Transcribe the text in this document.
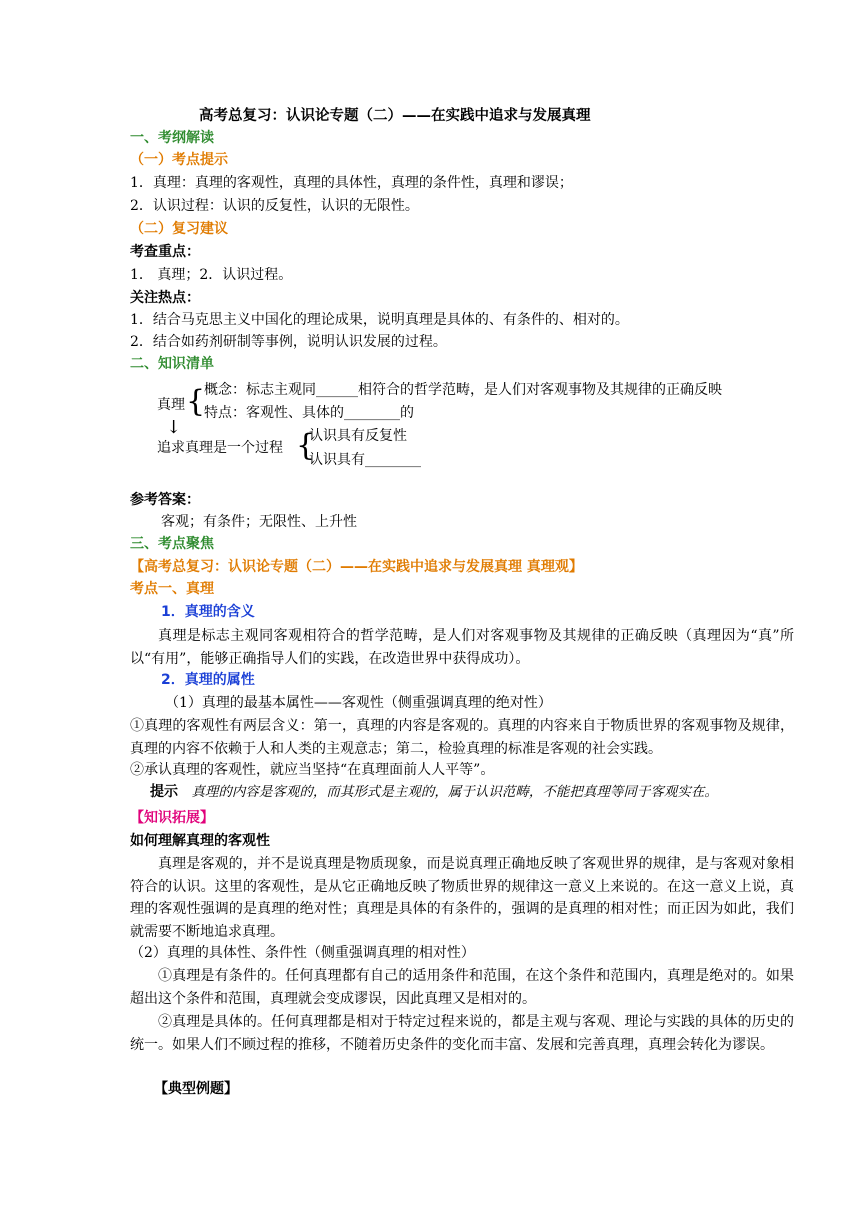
高考总复习：认识论专题（二）——在实践中追求与发展真理
一、考纲解读
（一）考点提示
1．真理：真理的客观性，真理的具体性，真理的条件性，真理和谬误；
2．认识过程：认识的反复性，认识的无限性。
（二）复习建议
考查重点：
1． 真理；2．认识过程。
关注热点：
1．结合马克思主义中国化的理论成果，说明真理是具体的、有条件的、相对的。
2．结合如药剂研制等事例，说明认识发展的过程。
二、知识清单
真理 {
概念：标志主观同______相符合的哲学范畴，是人们对客观事物及其规律的正确反映
特点：客观性、具体的________的
↓
追求真理是一个过程 {
认识具有反复性
认识具有________
参考答案：
客观；有条件；无限性、上升性
三、考点聚焦
【高考总复习：认识论专题（二）——在实践中追求与发展真理 真理观】
考点一、真理
1．真理的含义
真理是标志主观同客观相符合的哲学范畴，是人们对客观事物及其规律的正确反映（真理因为“真”所以“有用”，能够正确指导人们的实践，在改造世界中获得成功）。
2．真理的属性
（1）真理的最基本属性——客观性（侧重强调真理的绝对性）
①真理的客观性有两层含义：第一，真理的内容是客观的。真理的内容来自于物质世界的客观事物及规律，真理的内容不依赖于人和人类的主观意志；第二，检验真理的标准是客观的社会实践。
②承认真理的客观性，就应当坚持“在真理面前人人平等”。
提示 真理的内容是客观的，而其形式是主观的，属于认识范畴，不能把真理等同于客观实在。
【知识拓展】
如何理解真理的客观性
真理是客观的，并不是说真理是物质现象，而是说真理正确地反映了客观世界的规律，是与客观对象相符合的认识。这里的客观性，是从它正确地反映了物质世界的规律这一意义上来说的。在这一意义上说，真理的客观性强调的是真理的绝对性；真理是具体的有条件的，强调的是真理的相对性；而正因为如此，我们就需要不断地追求真理。
（2）真理的具体性、条件性（侧重强调真理的相对性）
①真理是有条件的。任何真理都有自己的适用条件和范围，在这个条件和范围内，真理是绝对的。如果超出这个条件和范围，真理就会变成谬误，因此真理又是相对的。
②真理是具体的。任何真理都是相对于特定过程来说的，都是主观与客观、理论与实践的具体的历史的统一。如果人们不顾过程的推移，不随着历史条件的变化而丰富、发展和完善真理，真理会转化为谬误。
【典型例题】
